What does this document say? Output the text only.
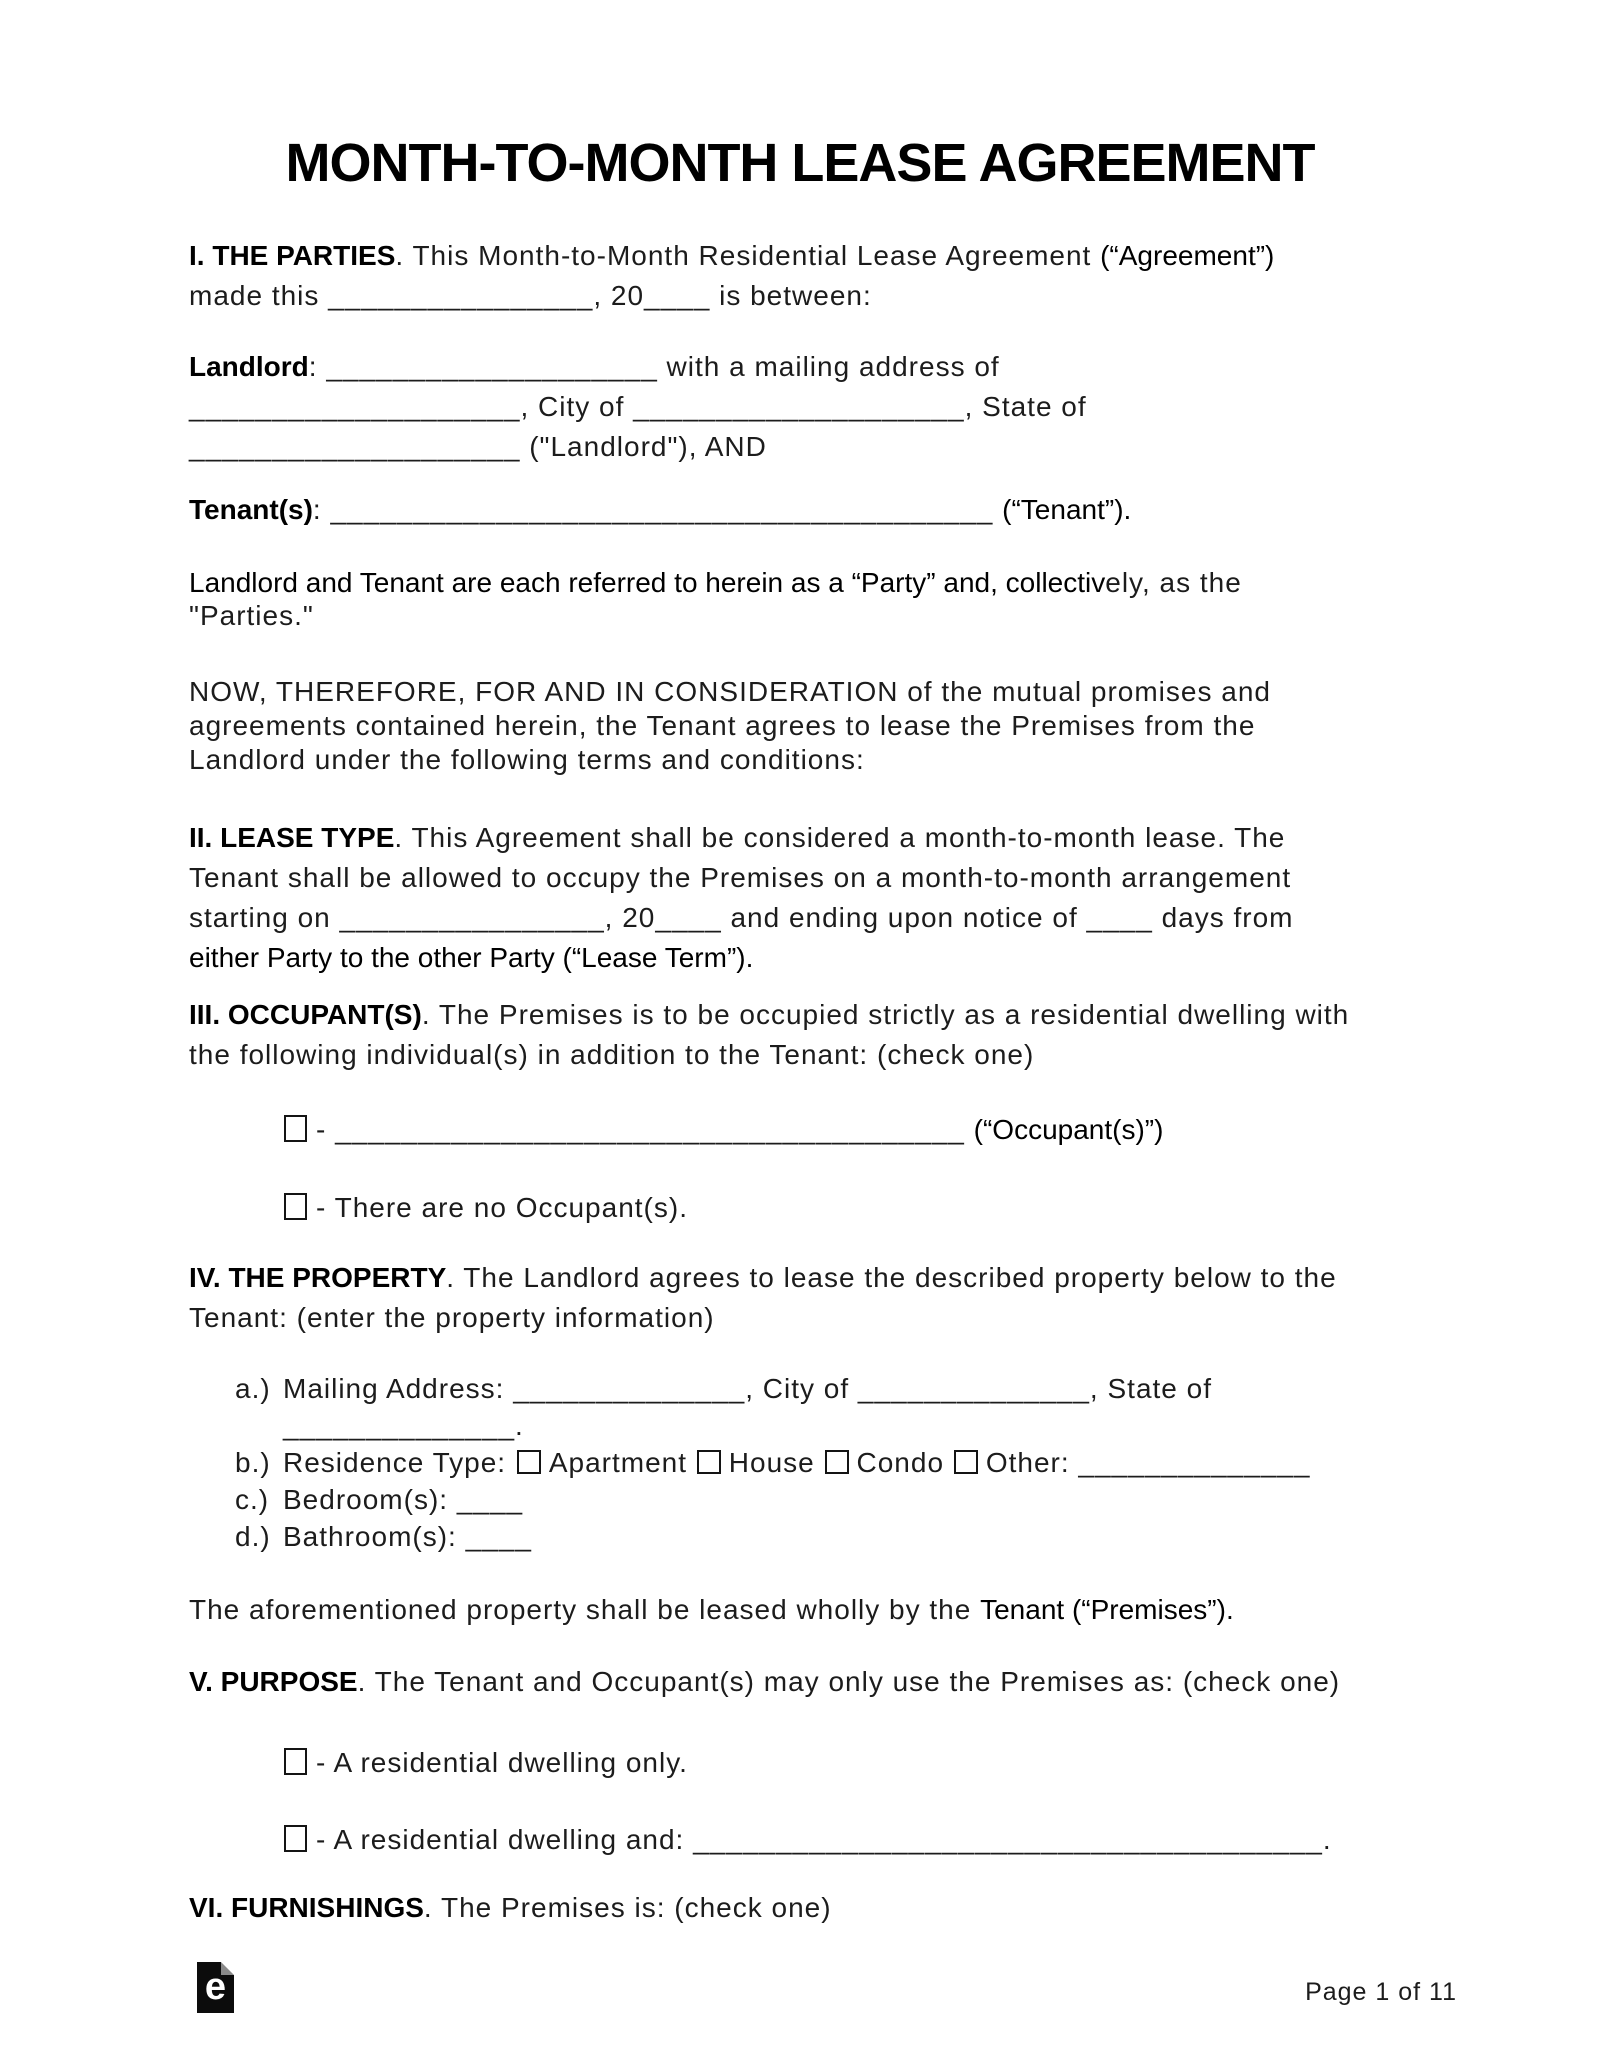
MONTH-TO-MONTH LEASE AGREEMENT
I. THE PARTIES. This Month-to-Month Residential Lease Agreement (“Agreement”)
made this ________________, 20____ is between:
Landlord: ____________________ with a mailing address of
____________________, City of ____________________, State of
____________________ ("Landlord"), AND
Tenant(s): ________________________________________ (“Tenant”).
Landlord and Tenant are each referred to herein as a “Party” and, collectively, as the
"Parties."
NOW, THEREFORE, FOR AND IN CONSIDERATION of the mutual promises and
agreements contained herein, the Tenant agrees to lease the Premises from the
Landlord under the following terms and conditions:
II. LEASE TYPE. This Agreement shall be considered a month-to-month lease. The
Tenant shall be allowed to occupy the Premises on a month-to-month arrangement
starting on ________________, 20____ and ending upon notice of ____ days from
either Party to the other Party (“Lease Term”).
III. OCCUPANT(S). The Premises is to be occupied strictly as a residential dwelling with
the following individual(s) in addition to the Tenant: (check one)
- ______________________________________ (“Occupant(s)”)
- There are no Occupant(s).
IV. THE PROPERTY. The Landlord agrees to lease the described property below to the
Tenant: (enter the property information)
a.) Mailing Address: ______________, City of ______________, State of
______________.
b.) Residence Type: Apartment House Condo Other: ______________
c.) Bedroom(s): ____
d.) Bathroom(s): ____
The aforementioned property shall be leased wholly by the Tenant (“Premises”).
V. PURPOSE. The Tenant and Occupant(s) may only use the Premises as: (check one)
- A residential dwelling only.
- A residential dwelling and: ______________________________________.
VI. FURNISHINGS. The Premises is: (check one)
e	Page 1 of 11
